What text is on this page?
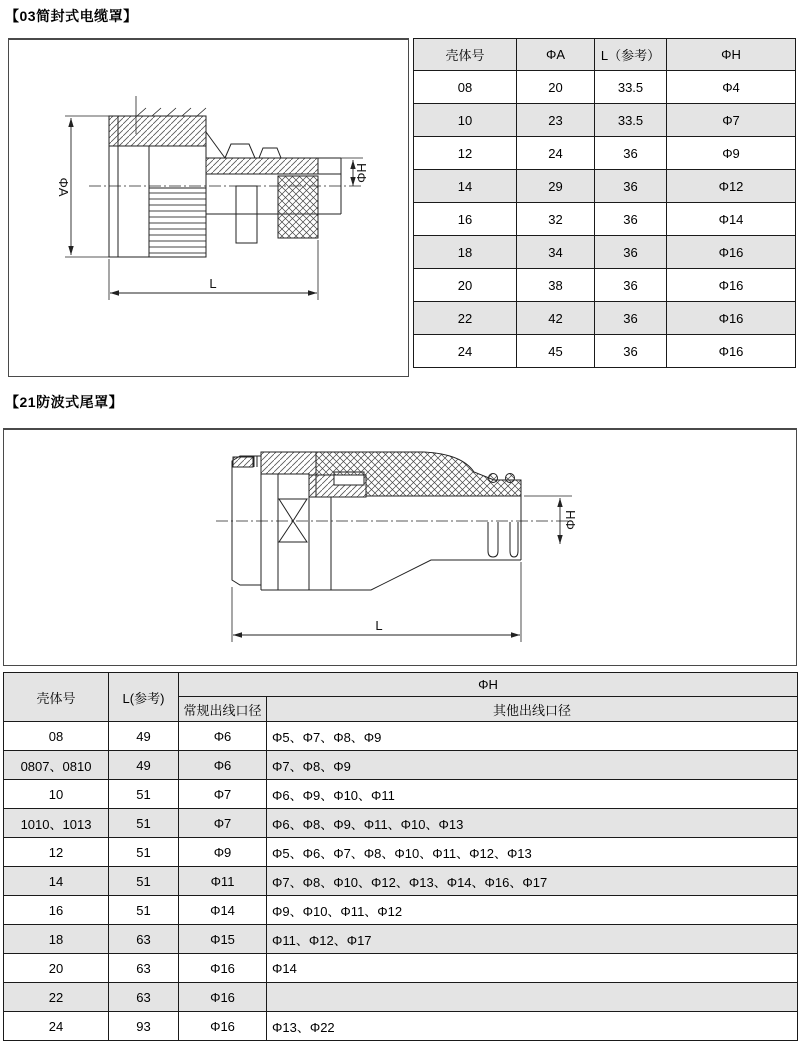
【03简封式电缆罩】
ΦA
ΦH
L
壳体号	ΦA	L（参考）	ΦH
08	20	33.5	Φ4
10	23	33.5	Φ7
12	24	36	Φ9
14	29	36	Φ12
16	32	36	Φ14
18	34	36	Φ16
20	38	36	Φ16
22	42	36	Φ16
24	45	36	Φ16
【21防波式尾罩】
ΦH
L
壳体号	L(参考)	ΦH	
		常规出线口径	其他出线口径
08	49	Φ6	Φ5、Φ7、Φ8、Φ9
0807、0810	49	Φ6	Φ7、Φ8、Φ9
10	51	Φ7	Φ6、Φ9、Φ10、Φ11
1010、1013	51	Φ7	Φ6、Φ8、Φ9、Φ11、Φ10、Φ13
12	51	Φ9	Φ5、Φ6、Φ7、Φ8、Φ10、Φ11、Φ12、Φ13
14	51	Φ11	Φ7、Φ8、Φ10、Φ12、Φ13、Φ14、Φ16、Φ17
16	51	Φ14	Φ9、Φ10、Φ11、Φ12
18	63	Φ15	Φ11、Φ12、Φ17
20	63	Φ16	Φ14
22	63	Φ16	
24	93	Φ16	Φ13、Φ22
